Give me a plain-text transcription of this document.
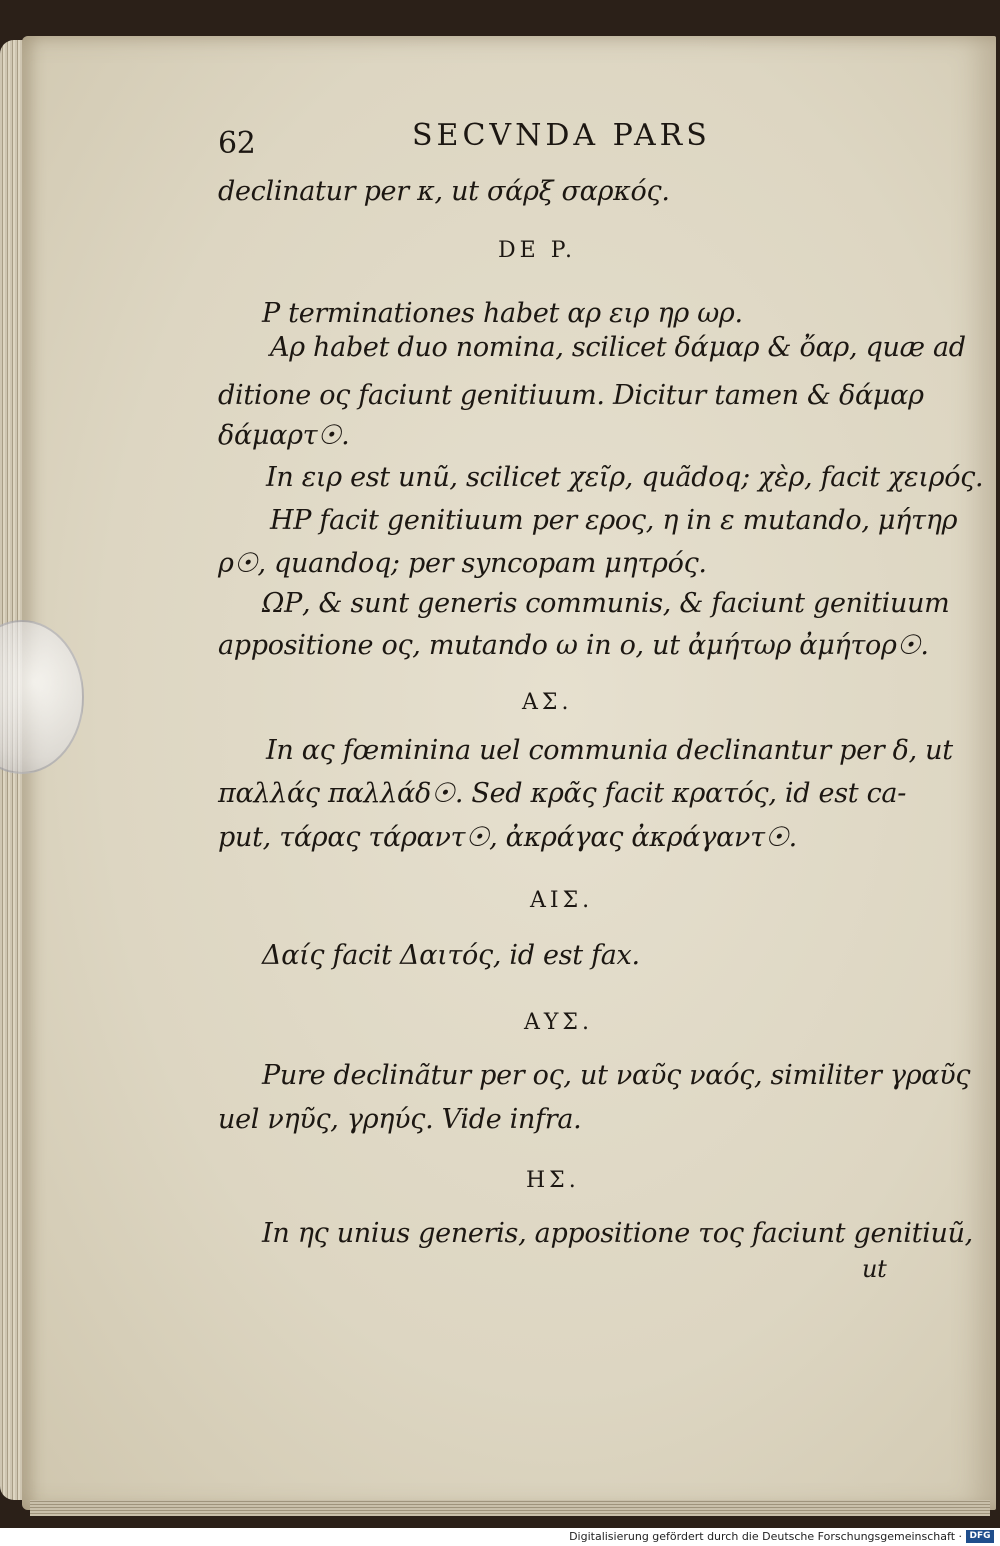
62	SECVNDA PARS
declinatur per κ, ut σάρξ σαρκός.
DE P.
P terminationes habet αρ ειρ ηρ ωρ.
Aρ habet duo nomina, scilicet δάμαρ & ὄαρ, quæ ad
ditione ος faciunt genitiuum. Dicitur tamen & δάμαρ
δάμαρτ☉.
In ειρ est unũ, scilicet χεῖρ, quãdoq; χὲρ, facit χειρός.
ΗΡ facit genitiuum per ερος, η in ε mutando, μήτηρ
ρ☉, quandoq; per syncopam μητρός.
ΩΡ, & sunt generis communis, & faciunt genitiuum
appositione ος, mutando ω in ο, ut ἀμήτωρ ἀμήτορ☉.
ΑΣ.
In ας fœminina uel communia declinantur per δ, ut
παλλάς παλλάδ☉. Sed κρᾶς facit κρατός, id est ca-
put, τάρας τάραντ☉, ἀκράγας ἀκράγαντ☉.
ΑΙΣ.
Δαίς facit Δαιτός, id est fax.
ΑΥΣ.
Pure declinãtur per ος, ut ναῦς ναός, similiter γραῦς
uel νηῦς, γρηύς. Vide infra.
ΗΣ.
In ης unius generis, appositione τος faciunt genitiuũ,
ut
Digitalisierung gefördert durch die Deutsche Forschungsgemeinschaft · DFG
